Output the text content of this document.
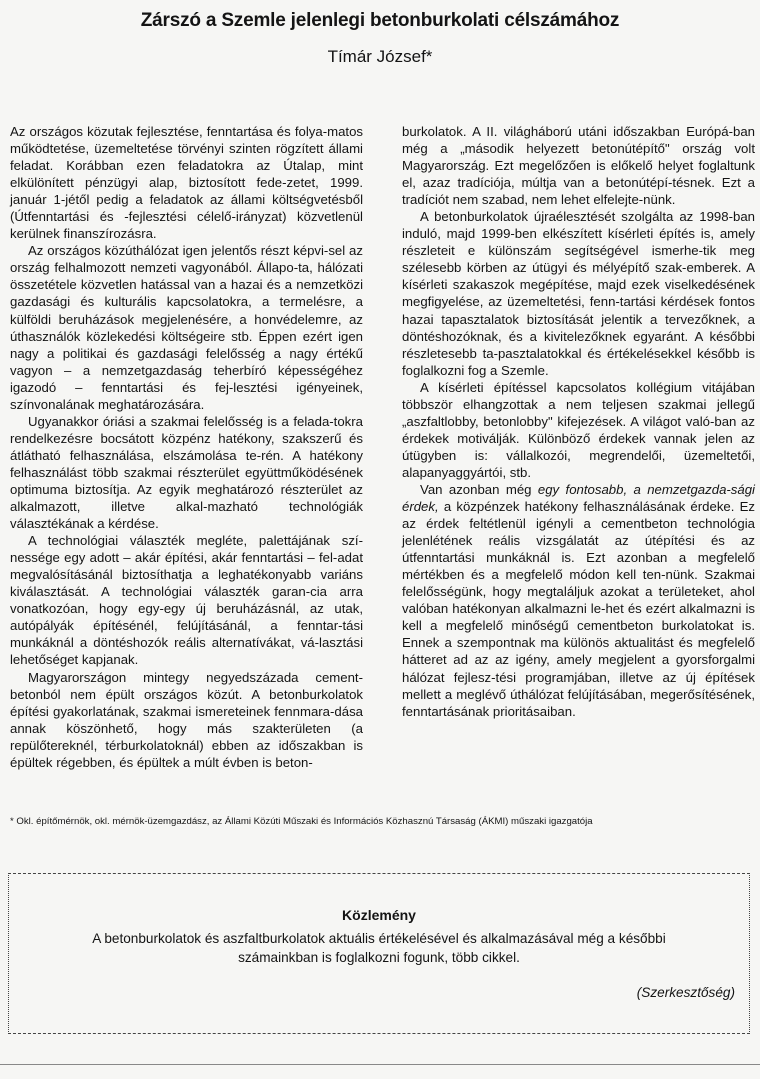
Zárszó a Szemle jelenlegi betonburkolati célszámához

Tímár József*

Az országos közutak fejlesztése, fenntartása és folya-matos működtetése, üzemeltetése törvényi szinten rögzített állami feladat. Korábban ezen feladatokra az Útalap, mint elkülönített pénzügyi alap, biztosított fede-zetet, 1999. január 1-jétől pedig a feladatok az állami költségvetésből (Útfenntartási és -fejlesztési célelő-irányzat) közvetlenül kerülnek finanszírozásra.

Az országos közúthálózat igen jelentős részt képvi-sel az ország felhalmozott nemzeti vagyonából. Állapo-ta, hálózati összetétele közvetlen hatással van a hazai és a nemzetközi gazdasági és kulturális kapcsolatokra, a termelésre, a külföldi beruházások megjelenésére, a honvédelemre, az úthasználók közlekedési költségeire stb. Éppen ezért igen nagy a politikai és gazdasági felelősség a nagy értékű vagyon – a nemzetgazdaság teherbíró képességéhez igazodó – fenntartási és fej-lesztési igényeinek, színvonalának meghatározására.

Ugyanakkor óriási a szakmai felelősség is a felada-tokra rendelkezésre bocsátott közpénz hatékony, szakszerű és átlátható felhasználása, elszámolása te-rén. A hatékony felhasználást több szakmai részterület együttműködésének optimuma biztosítja. Az egyik meghatározó részterület az alkalmazott, illetve alkal-mazható technológiák választékának a kérdése.

A technológiai választék megléte, palettájának szí-nessége egy adott – akár építési, akár fenntartási – fel-adat megvalósításánál biztosíthatja a leghatékonyabb variáns kiválasztását. A technológiai választék garan-cia arra vonatkozóan, hogy egy-egy új beruházásnál, az utak, autópályák építésénél, felújításánál, a fenntar-tási munkáknál a döntéshozók reális alternatívákat, vá-lasztási lehetőséget kapjanak.

Magyarországon mintegy negyedszázada cement-betonból nem épült országos közút. A betonburkolatok építési gyakorlatának, szakmai ismereteinek fennmara-dása annak köszönhető, hogy más szakterületen (a repülőtereknél, térburkolatoknál) ebben az időszakban is épültek régebben, és épültek a múlt évben is beton-

burkolatok. A II. világháború utáni időszakban Európá-ban még a „második helyezett betonútépítő" ország volt Magyarország. Ezt megelőzően is előkelő helyet foglaltunk el, azaz tradíciója, múltja van a betonútépí-tésnek. Ezt a tradíciót nem szabad, nem lehet elfelejte-nünk.

A betonburkolatok újraélesztését szolgálta az 1998-ban induló, majd 1999-ben elkészített kísérleti építés is, amely részleteit e különszám segítségével ismerhe-tik meg szélesebb körben az útügyi és mélyépítő szak-emberek. A kísérleti szakaszok megépítése, majd ezek viselkedésének megfigyelése, az üzemeltetési, fenn-tartási kérdések fontos hazai tapasztalatok biztosítását jelentik a tervezőknek, a döntéshozóknak, és a kivitelezőknek egyaránt. A későbbi részletesebb ta-pasztalatokkal és értékelésekkel később is foglalkozni fog a Szemle.

A kísérleti építéssel kapcsolatos kollégium vitájában többször elhangzottak a nem teljesen szakmai jellegű „aszfaltlobby, betonlobby" kifejezések. A világot való-ban az érdekek motiválják. Különböző érdekek vannak jelen az útügyben is: vállalkozói, megrendelői, üzemeltetői, alapanyaggyártói, stb.

Van azonban még egy fontosabb, a nemzetgazda-sági érdek, a közpénzek hatékony felhasználásának érdeke. Ez az érdek feltétlenül igényli a cementbeton technológia jelenlétének reális vizsgálatát az útépítési és az útfenntartási munkáknál is. Ezt azonban a megfelelő mértékben és a megfelelő módon kell ten-nünk. Szakmai felelősségünk, hogy megtaláljuk azokat a területeket, ahol valóban hatékonyan alkalmazni le-het és ezért alkalmazni is kell a megfelelő minőségű cementbeton burkolatokat is. Ennek a szempontnak ma különös aktualitást és megfelelő hátteret ad az az igény, amely megjelent a gyorsforgalmi hálózat fejlesz-tési programjában, illetve az új építések mellett a meglévő úthálózat felújításában, megerősítésének, fenntartásának prioritásaiban.

* Okl. építőmérnök, okl. mérnök-üzemgazdász, az Állami Közúti Műszaki és Információs Közhasznú Társaság (ÁKMI) műszaki igazgatója

Közlemény

A betonburkolatok és aszfaltburkolatok aktuális értékelésével és alkalmazásával még a későbbi számainkban is foglalkozni fogunk, több cikkel.

(Szerkesztőség)
